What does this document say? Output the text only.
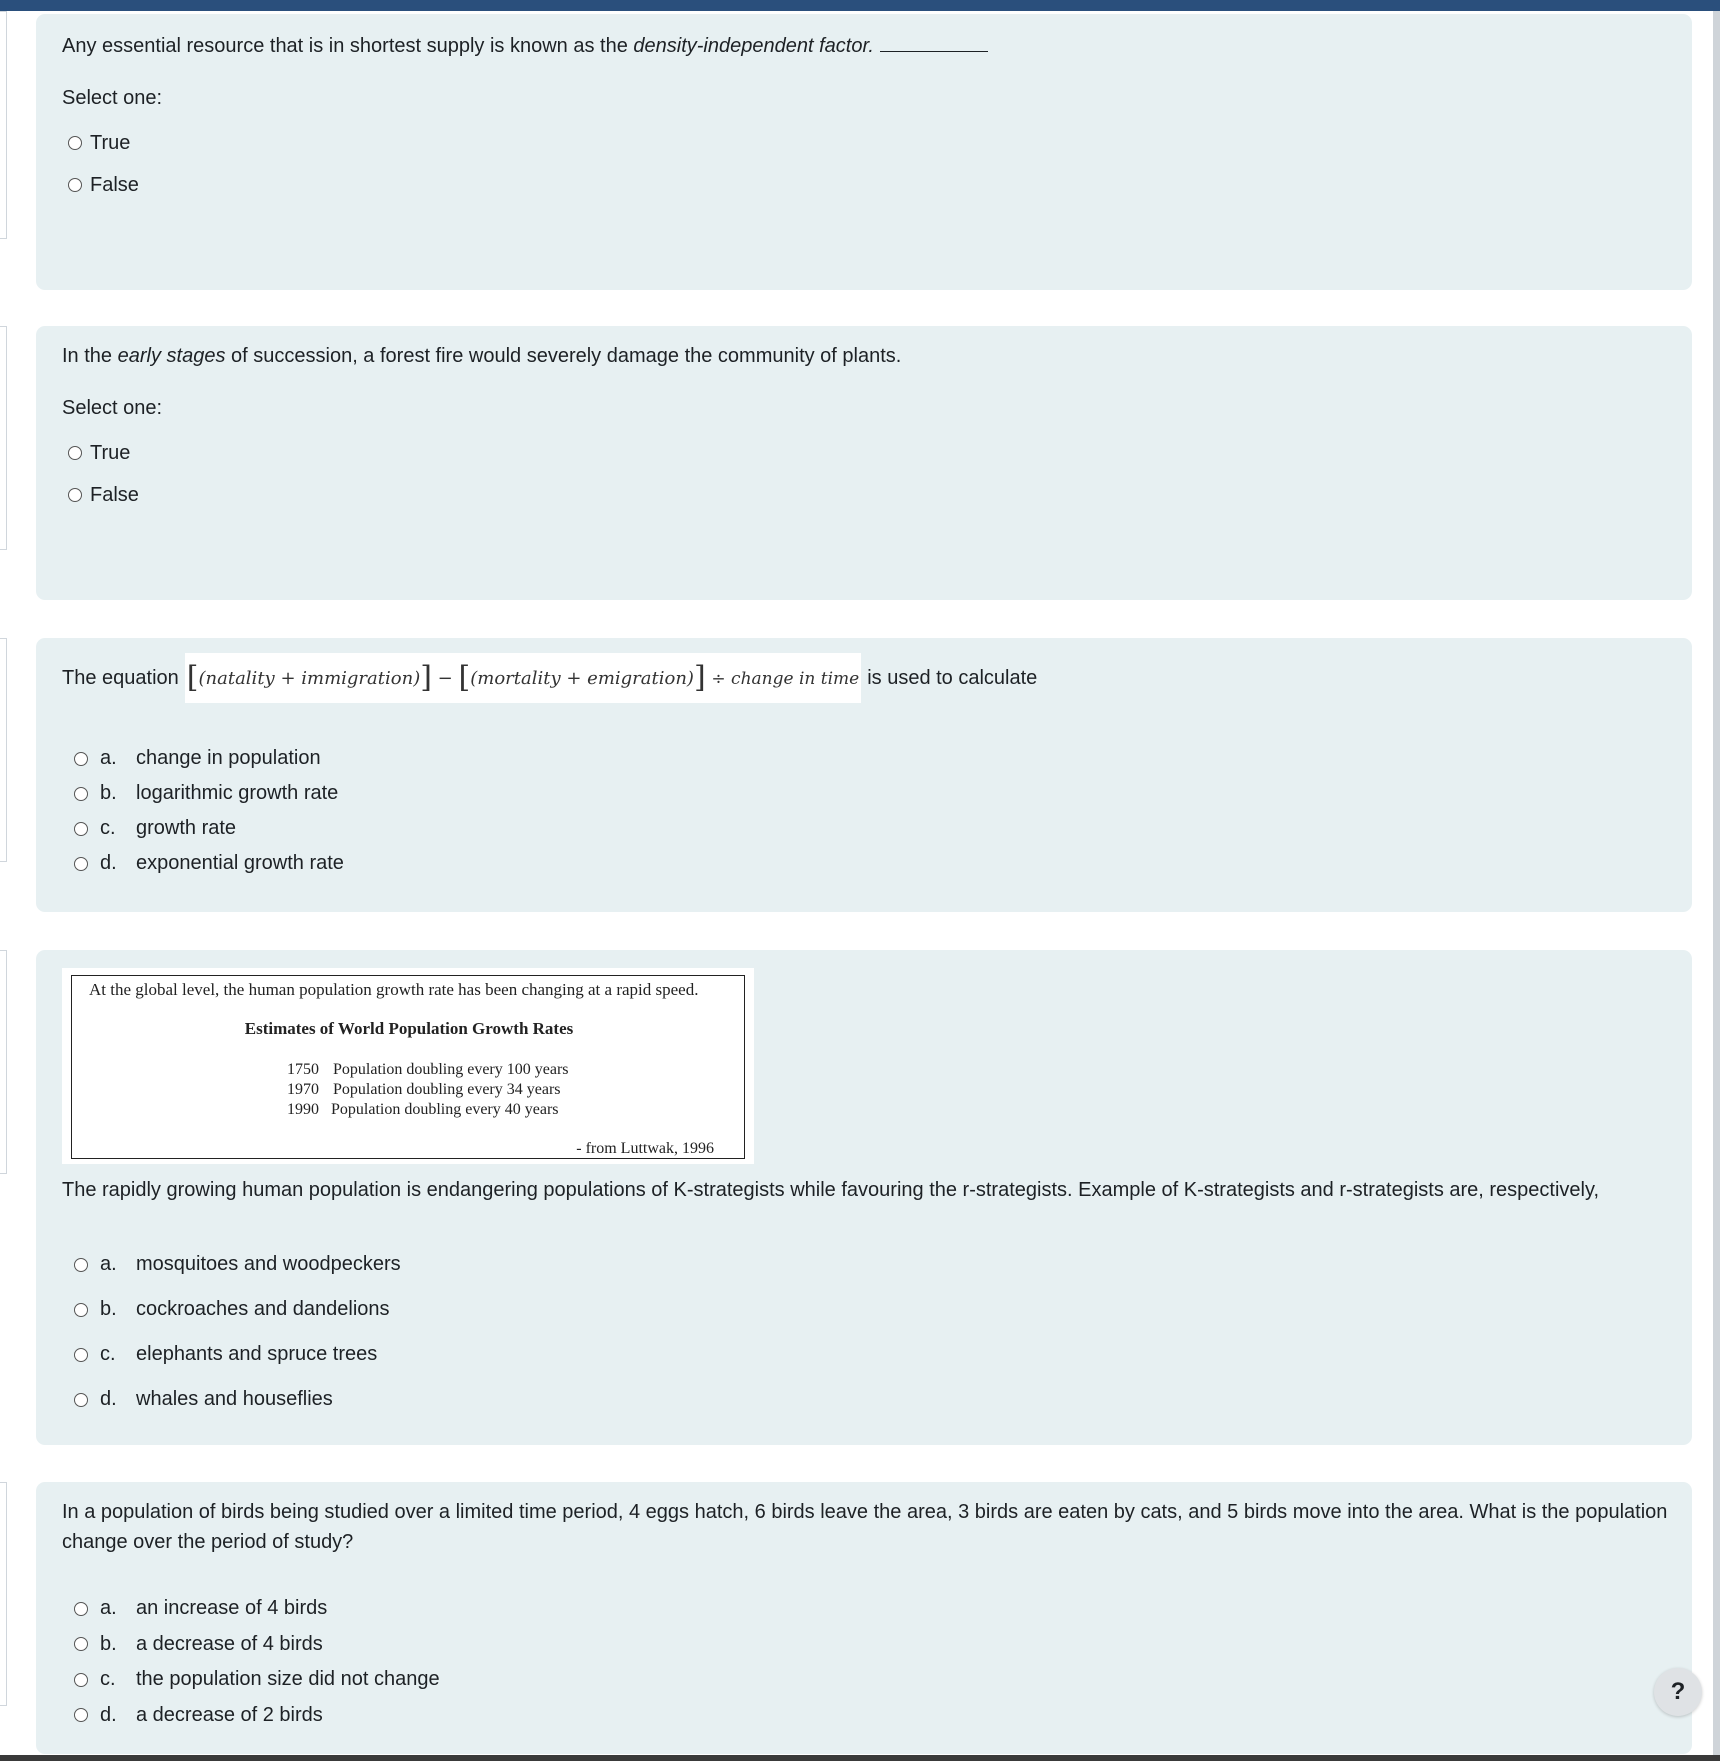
Any essential resource that is in shortest supply is known as the density-independent factor.

Select one:
True
False

In the early stages of succession, a forest fire would severely damage the community of plants.

Select one:
True
False
The equation [(natality + immigration)] − [(mortality + emigration)] ÷ change in time is used to calculate
a. change in population
b. logarithmic growth rate
c.	growth rate
d. exponential growth rate
At the global level, the human population growth rate has been changing at a rapid speed.
Estimates of World Population Growth Rates
1750 Population doubling every 100 years
1970 Population doubling every 34 years
1990 Population doubling every 40 years
- from Luttwak, 1996

The rapidly growing human population is endangering populations of K-strategists while favouring the r-strategists. Example of K-strategists and r-strategists are, respectively,

a. mosquitoes and woodpeckers
b. cockroaches and dandelions
c.	elephants and spruce trees
d. whales and houseflies

In a population of birds being studied over a limited time period, 4 eggs hatch, 6 birds leave the area, 3 birds are eaten by cats, and 5 birds move into the area. What is the population change over the period of study?

a. an increase of 4 birds
b. a decrease of 4 birds
c.	the population size did not change
d. a decrease of 2 birds
?
